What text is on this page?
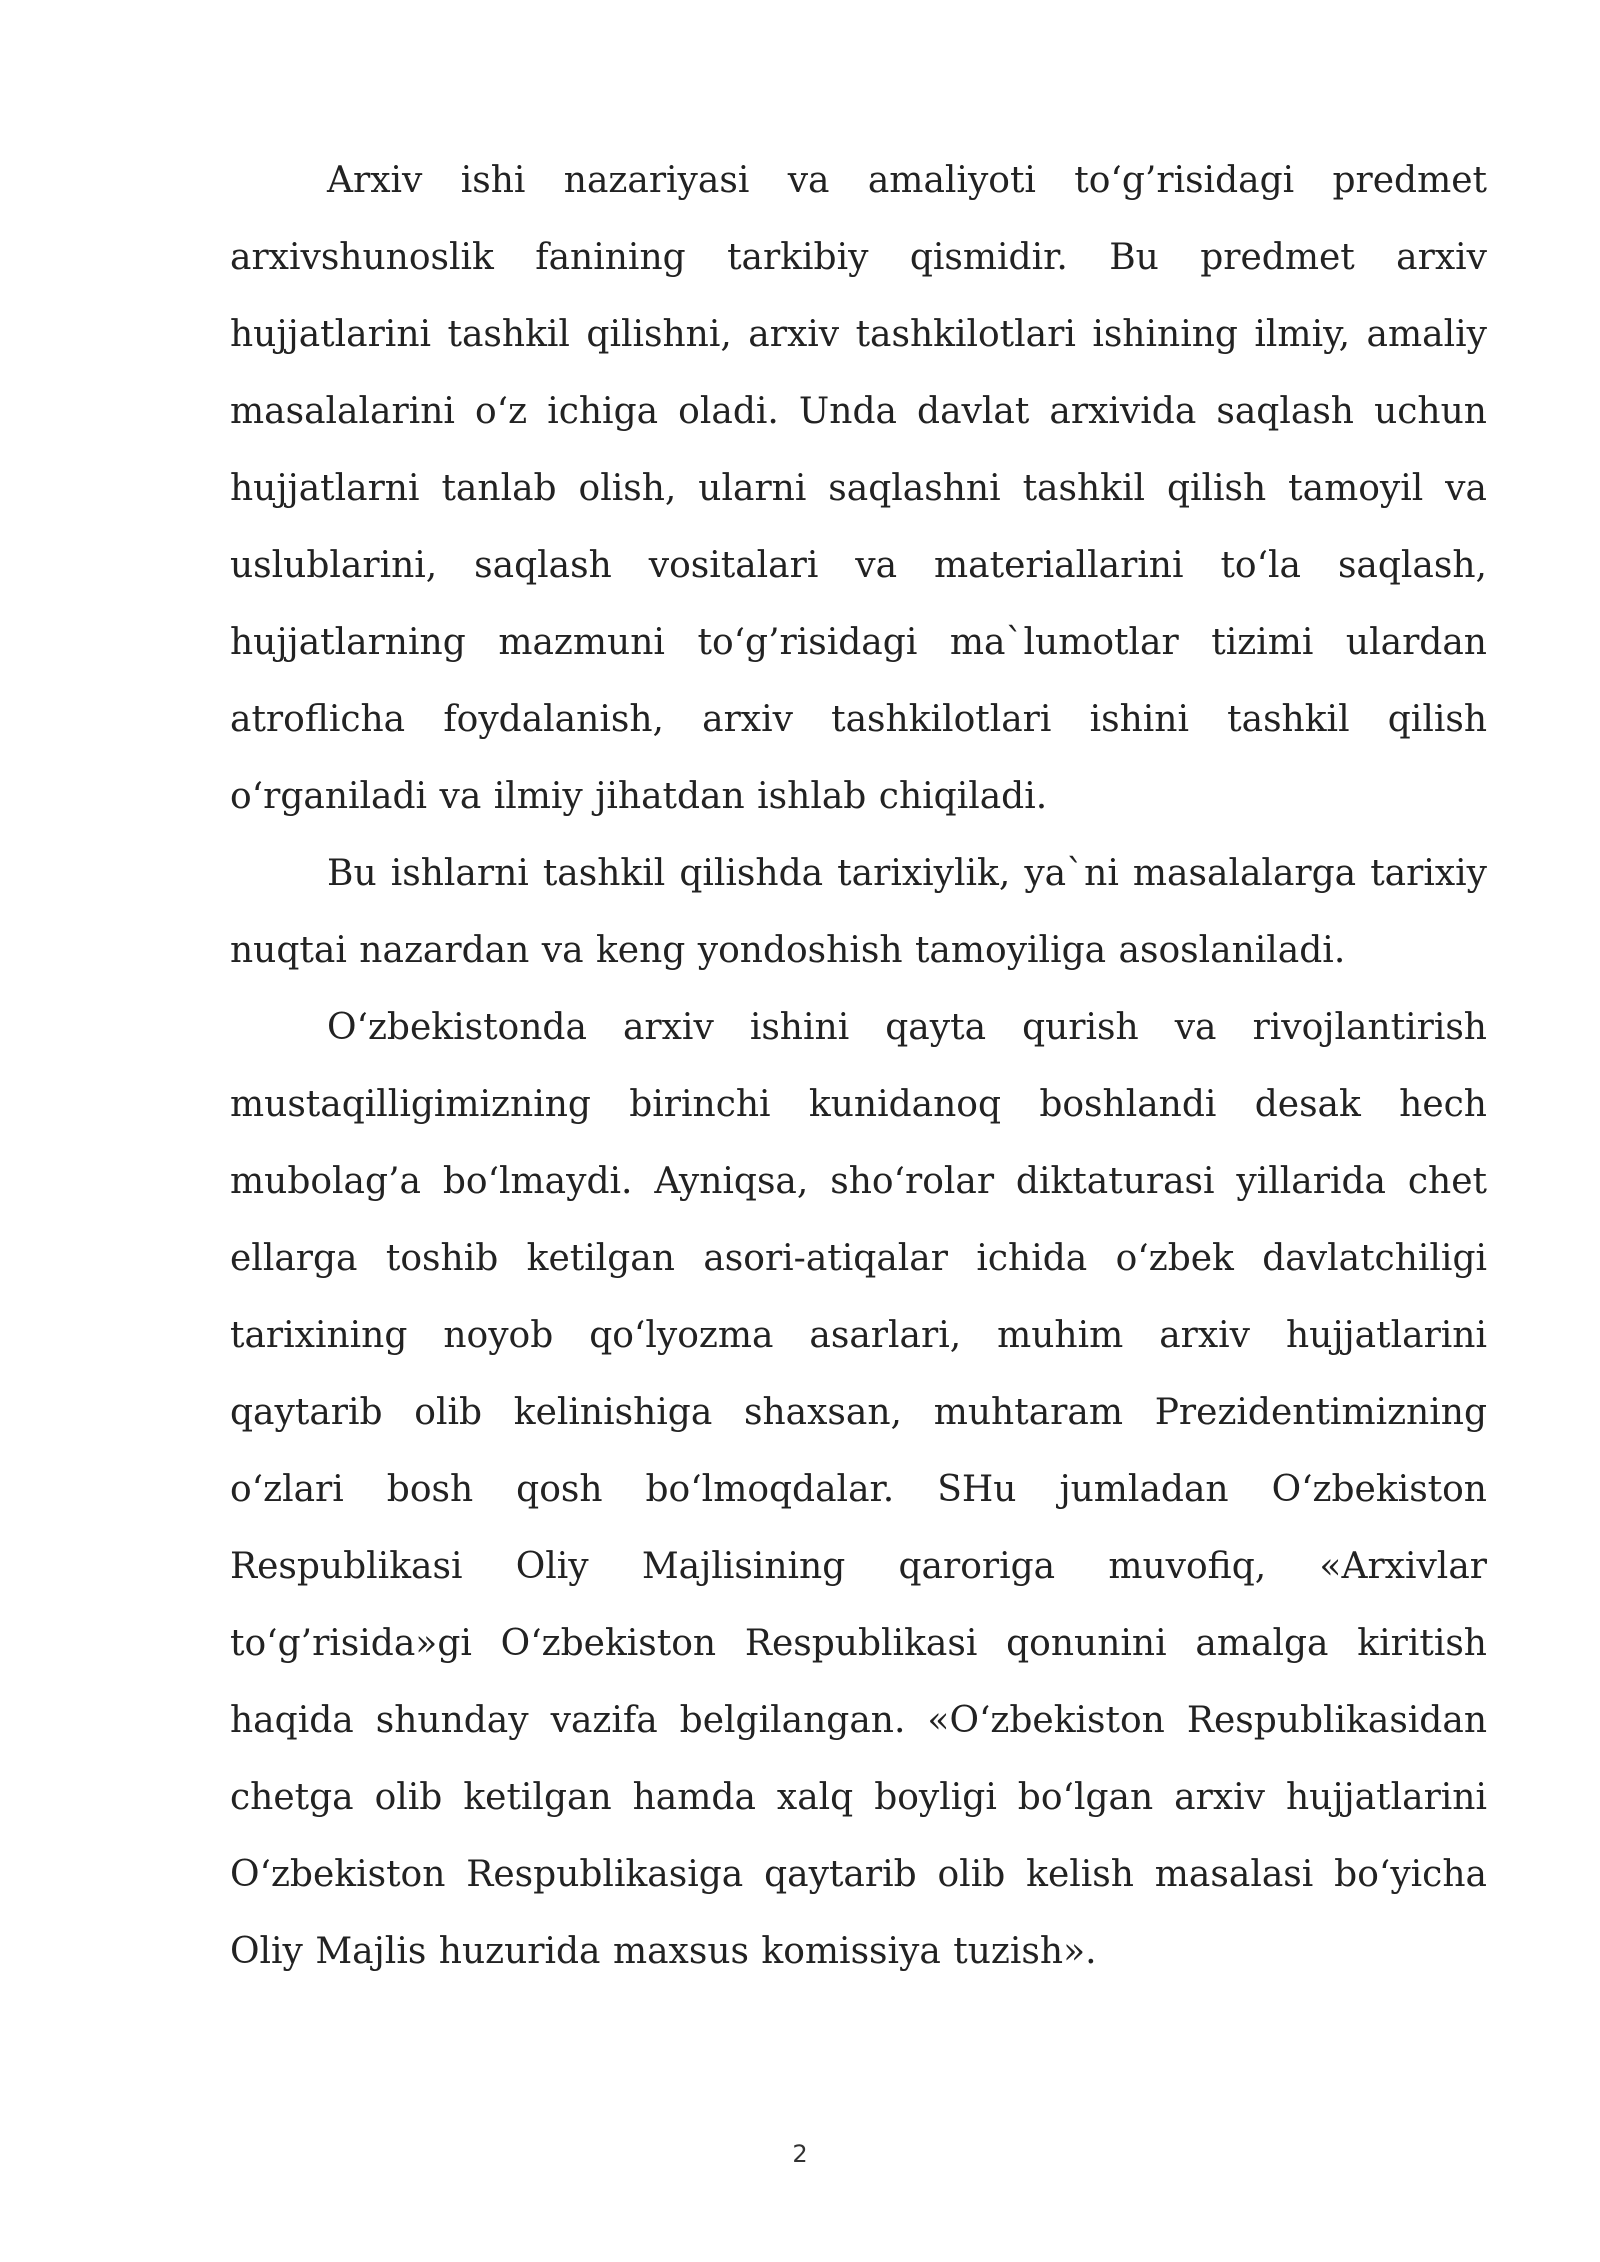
Arxiv ishi nazariyasi va amaliyoti to‘g’risidagi predmet arxivshunoslik fanining tarkibiy qismidir. Bu predmet arxiv hujjatlarini tashkil qilishni, arxiv tashkilotlari ishining ilmiy, amaliy masalalarini o‘z ichiga oladi. Unda davlat arxivida saqlash uchun hujjatlarni tanlab olish, ularni saqlashni tashkil qilish tamoyil va uslublarini, saqlash vositalari va materiallarini to‘la saqlash, hujjatlarning mazmuni to‘g’risidagi ma`lumotlar tizimi ulardan atroflicha foydalanish, arxiv tashkilotlari ishini tashkil qilish o‘rganiladi va ilmiy jihatdan ishlab chiqiladi.

Bu ishlarni tashkil qilishda tarixiylik, ya`ni masalalarga tarixiy nuqtai nazardan va keng yondoshish tamoyiliga asoslaniladi.

O‘zbekistonda arxiv ishini qayta qurish va rivojlantirish mustaqilligimizning birinchi kunidanoq boshlandi desak hech mubolag’a bo‘lmaydi. Ayniqsa, sho‘rolar diktaturasi yillarida chet ellarga toshib ketilgan asori-atiqalar ichida o‘zbek davlatchiligi tarixining noyob qo‘lyozma asarlari, muhim arxiv hujjatlarini qaytarib olib kelinishiga shaxsan, muhtaram Prezidentimizning o‘zlari bosh qosh bo‘lmoqdalar. SHu jumladan O‘zbekiston Respublikasi Oliy Majlisining qaroriga muvofiq, «Arxivlar to‘g’risida»gi O‘zbekiston Respublikasi qonunini amalga kiritish haqida shunday vazifa belgilangan. «O‘zbekiston Respublikasidan chetga olib ketilgan hamda xalq boyligi bo‘lgan arxiv hujjatlarini O‘zbekiston Respublikasiga qaytarib olib kelish masalasi bo‘yicha Oliy Majlis huzurida maxsus komissiya tuzish».

2
